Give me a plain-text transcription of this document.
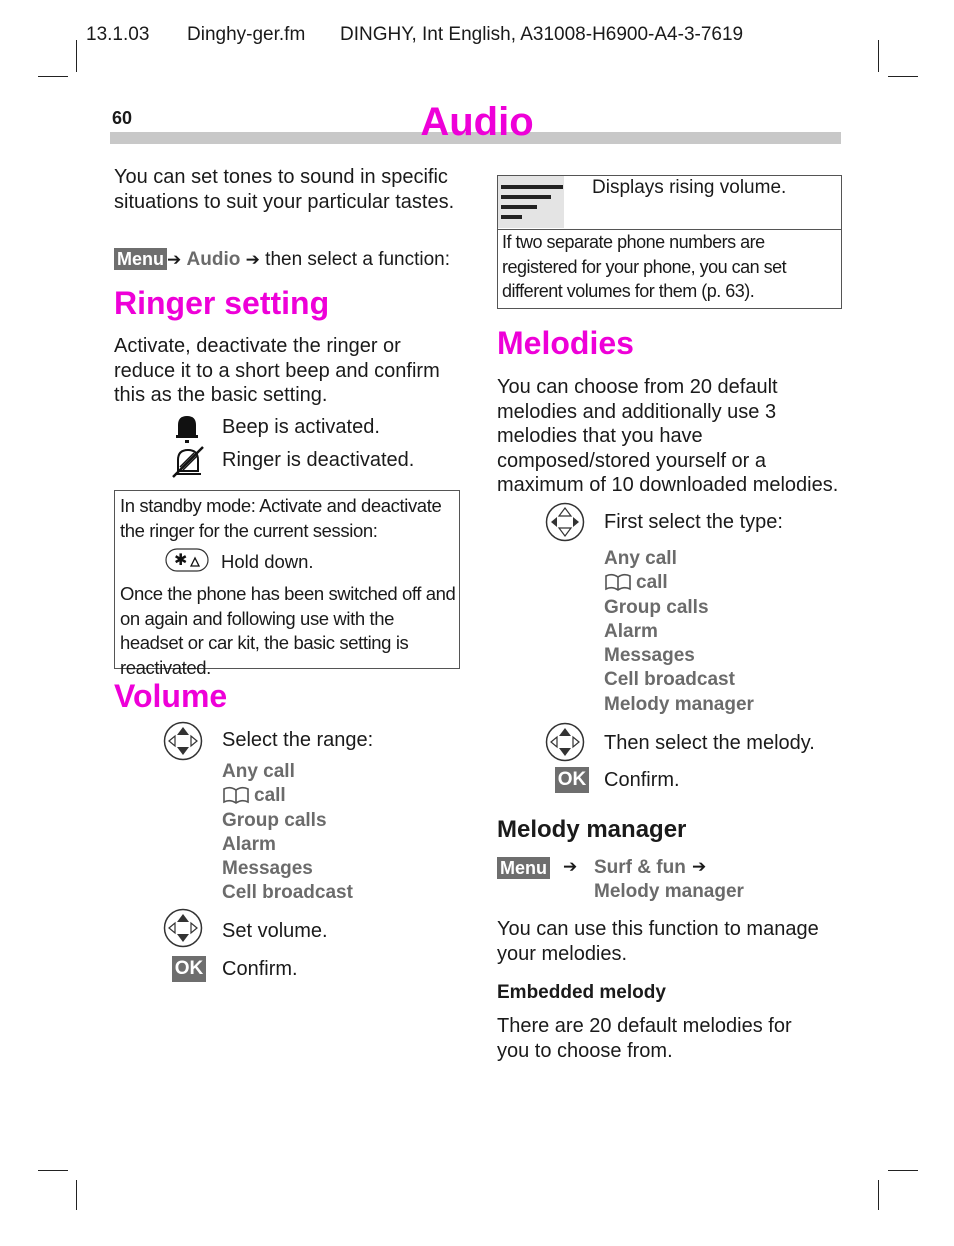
13.1.03 Dinghy-ger.fm DINGHY, Int English, A31008-H6900-A4-3-7619
60	Audio
You can set tones to sound in specific situations to suit your particular tastes.
Menu ➔ Audio ➔ then select a function:
Ringer setting
Activate, deactivate the ringer or reduce it to a short beep and confirm this as the basic setting.
Beep is activated.
Ringer is deactivated.
In standby mode: Activate and deactivate the ringer for the current session:
✱ Hold down.
Once the phone has been switched off and on again and following use with the headset or car kit, the basic setting is reactivated.
Volume
Select the range:
Any call
call
Group calls
Alarm
Messages
Cell broadcast
Set volume.
OK Confirm.
Displays rising volume.
If two separate phone numbers are registered for your phone, you can set different volumes for them (p. 63).
Melodies
You can choose from 20 default melodies and additionally use 3 melodies that you have composed/stored yourself or a maximum of 10 downloaded melodies.
First select the type:
Any call
call
Group calls
Alarm
Messages
Cell broadcast
Melody manager
Then select the melody.
OK Confirm.
Melody manager
Menu ➔ Surf & fun ➔
Melody manager
You can use this function to manage your melodies.
Embedded melody
There are 20 default melodies for you to choose from.
